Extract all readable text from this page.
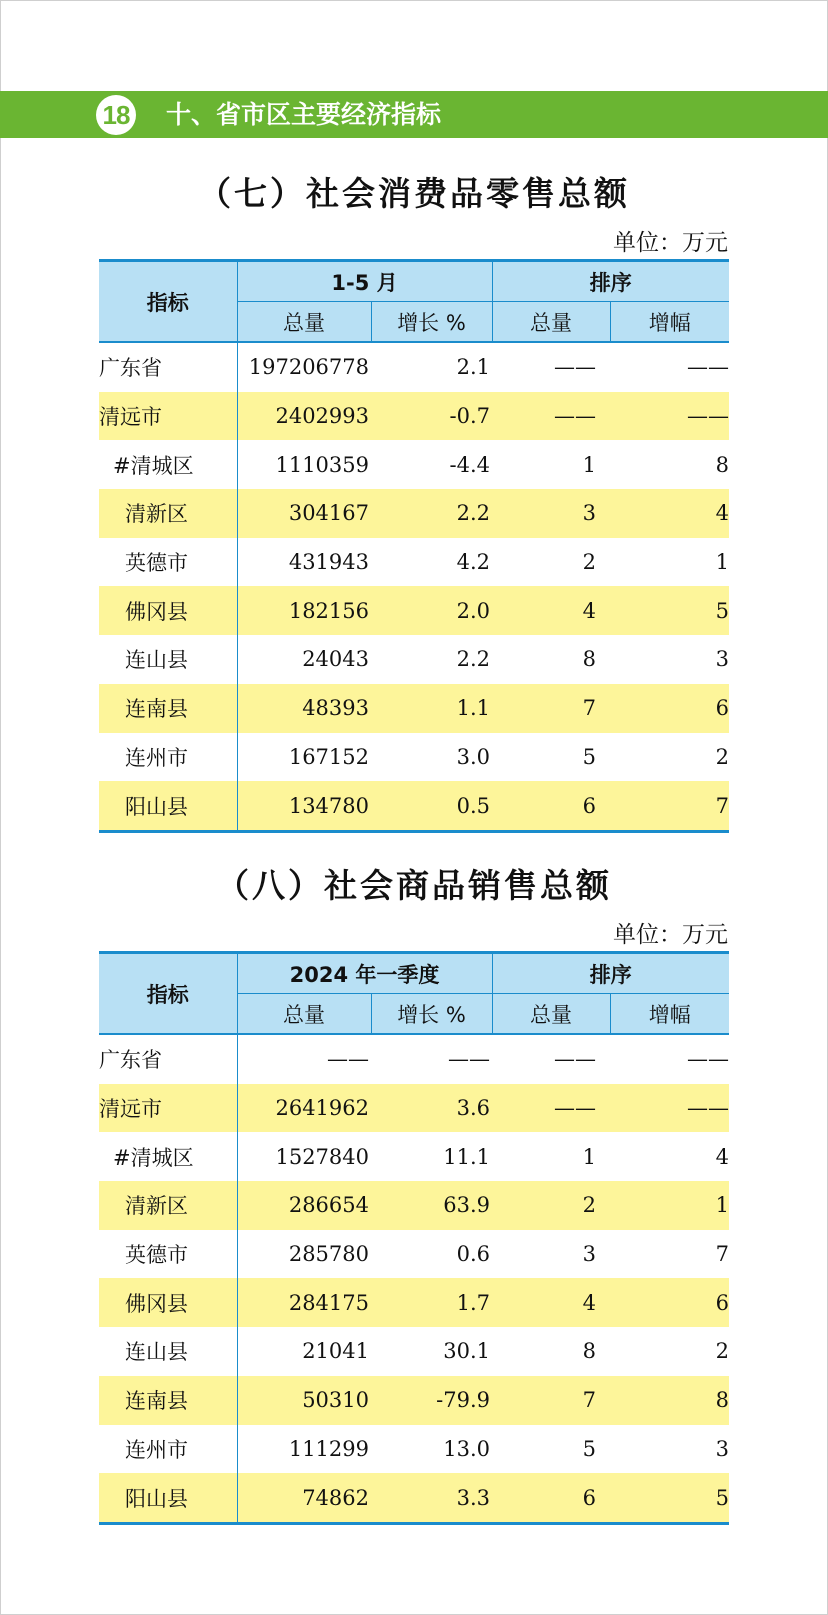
18 十、省市区主要经济指标
（七）社会消费品零售总额
单位：万元
指标	1-5 月		排序	
	总量	增长 %	总量	增幅
广东省	197206778	2.1	——	——
清远市	2402993	-0.7	——	——
#清城区	1110359	-4.4	1	8
清新区	304167	2.2	3	4
英德市	431943	4.2	2	1
佛冈县	182156	2.0	4	5
连山县	24043	2.2	8	3
连南县	48393	1.1	7	6
连州市	167152	3.0	5	2
阳山县	134780	0.5	6	7
（八）社会商品销售总额
单位：万元
指标	2024 年一季度		排序	
	总量	增长 %	总量	增幅
广东省	——	——	——	——
清远市	2641962	3.6	——	——
#清城区	1527840	11.1	1	4
清新区	286654	63.9	2	1
英德市	285780	0.6	3	7
佛冈县	284175	1.7	4	6
连山县	21041	30.1	8	2
连南县	50310	-79.9	7	8
连州市	111299	13.0	5	3
阳山县	74862	3.3	6	5
